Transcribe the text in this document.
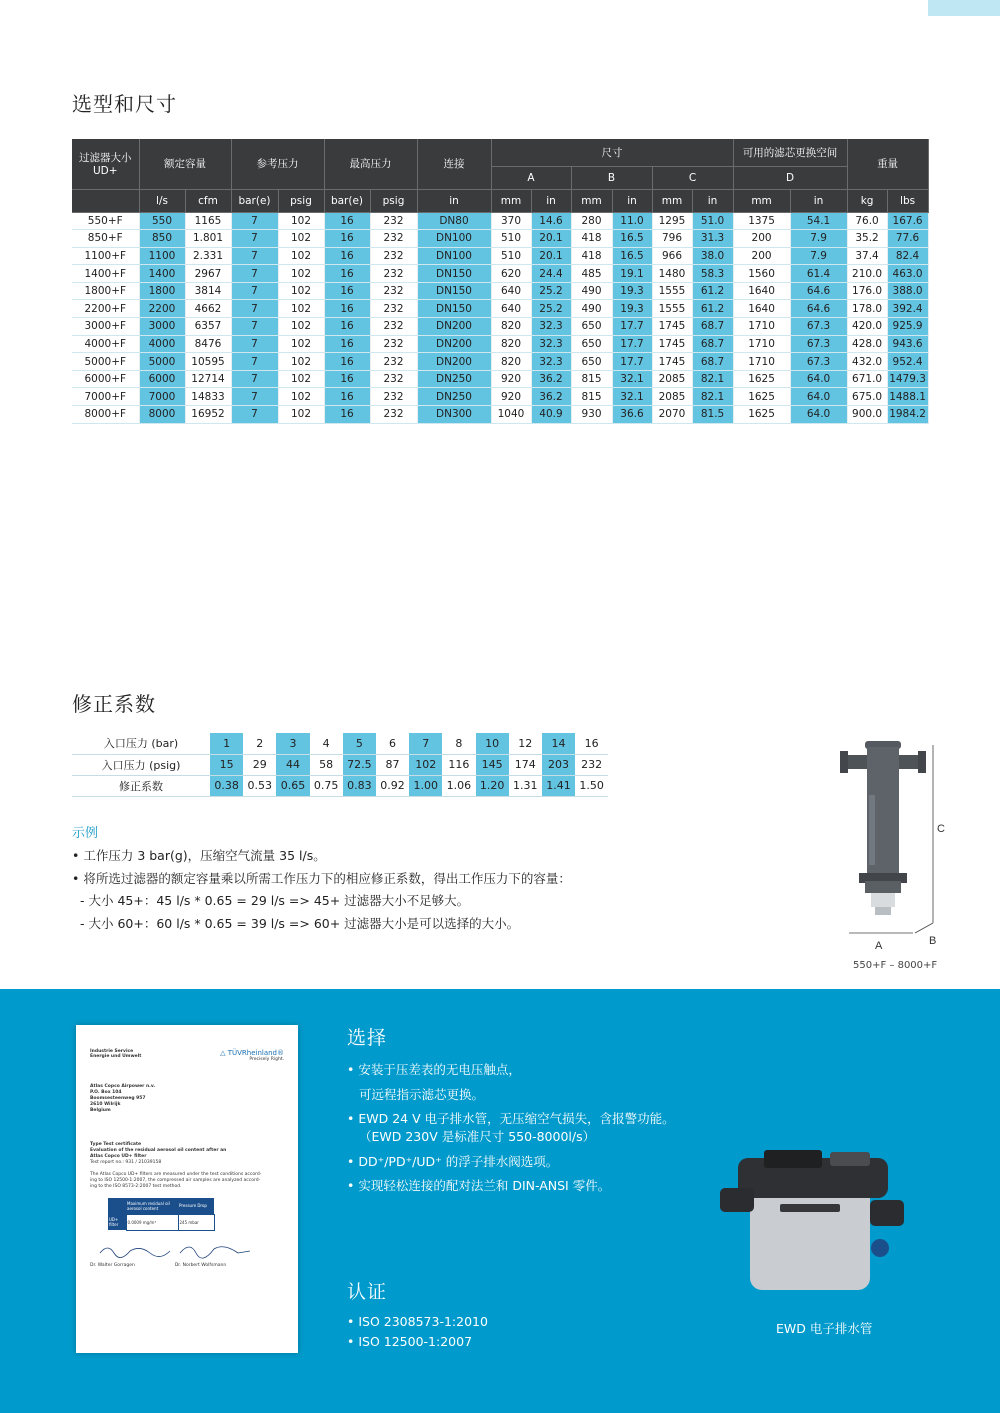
选型和尺寸
过滤器大小 UD+	额定容量		参考压力		最高压力		连接	尺寸						可用的滤芯更换空间		重量	
								A		B		C		D			
	l/s	cfm	bar(e)	psig	bar(e)	psig	in	mm	in	mm	in	mm	in	mm	in	kg	lbs
550+F	550	1165	7	102	16	232	DN80	370	14.6	280	11.0	1295	51.0	1375	54.1	76.0	167.6
850+F	850	1.801	7	102	16	232	DN100	510	20.1	418	16.5	796	31.3	200	7.9	35.2	77.6
1100+F	1100	2.331	7	102	16	232	DN100	510	20.1	418	16.5	966	38.0	200	7.9	37.4	82.4
1400+F	1400	2967	7	102	16	232	DN150	620	24.4	485	19.1	1480	58.3	1560	61.4	210.0	463.0
1800+F	1800	3814	7	102	16	232	DN150	640	25.2	490	19.3	1555	61.2	1640	64.6	176.0	388.0
2200+F	2200	4662	7	102	16	232	DN150	640	25.2	490	19.3	1555	61.2	1640	64.6	178.0	392.4
3000+F	3000	6357	7	102	16	232	DN200	820	32.3	650	17.7	1745	68.7	1710	67.3	420.0	925.9
4000+F	4000	8476	7	102	16	232	DN200	820	32.3	650	17.7	1745	68.7	1710	67.3	428.0	943.6
5000+F	5000	10595	7	102	16	232	DN200	820	32.3	650	17.7	1745	68.7	1710	67.3	432.0	952.4
6000+F	6000	12714	7	102	16	232	DN250	920	36.2	815	32.1	2085	82.1	1625	64.0	671.0	1479.3
7000+F	7000	14833	7	102	16	232	DN250	920	36.2	815	32.1	2085	82.1	1625	64.0	675.0	1488.1
8000+F	8000	16952	7	102	16	232	DN300	1040	40.9	930	36.6	2070	81.5	1625	64.0	900.0	1984.2
修正系数
入口压力 (bar)	1	2	3	4	5	6	7	8	10	12	14	16
入口压力 (psig)	15	29	44	58	72.5	87	102	116	145	174	203	232
修正系数	0.38	0.53	0.65	0.75	0.83	0.92	1.00	1.06	1.20	1.31	1.41	1.50
示例
• 工作压力 3 bar(g)，压缩空气流量 35 l/s。
• 将所选过滤器的额定容量乘以所需工作压力下的相应修正系数，得出工作压力下的容量：
- 大小 45+：45 l/s * 0.65 = 29 l/s => 45+ 过滤器大小不足够大。
- 大小 60+：60 l/s * 0.65 = 39 l/s => 60+ 过滤器大小是可以选择的大小。
C
A	B
550+F – 8000+F
Industrie Service
Energie und Umwelt	△ TÜVRheinland®
Precisely Right.
Atlas Copco Airpower n.v.
P.O. Box 104
Boomsesteenweg 957
2610 Wilrijk
Belgium
Type Test certificate
Evaluation of the residual aerosol oil content after an
Atlas Copco UD+ filter
Test report no.: 931 / 21039158
The Atlas Copco UD+ filters are measured under the test conditions accord-
ing to ISO 12500-1:2007, the compressed air samples are analyzed accord-
ing to the ISO 8573-2:2007 test method.
	Maximum residual oil aerosol content	Pressure Drop
UD+ filter	0.0009 mg/m³	245 mbar
Dr. Walter Gorragen	Dr. Norbert Wolfsmann
选择
• 安装于压差表的无电压触点，
可远程指示滤芯更换。
• EWD 24 V 电子排水管，无压缩空气损失，含报警功能。
（EWD 230V 是标准尺寸 550-8000l/s）
• DD⁺/PD⁺/UD⁺ 的浮子排水阀选项。
• 实现轻松连接的配对法兰和 DIN-ANSI 零件。
认证
• ISO 2308573-1:2010
• ISO 12500-1:2007
EWD 电子排水管
